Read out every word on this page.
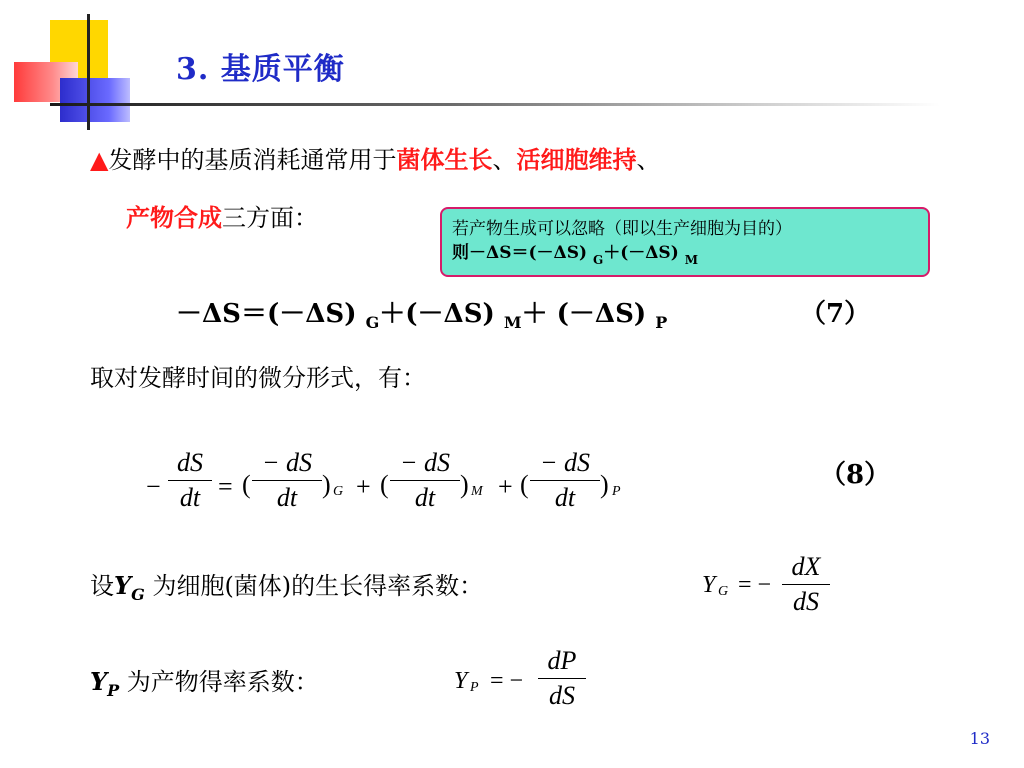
3. 基质平衡
▲发酵中的基质消耗通常用于菌体生长、活细胞维持、
产物合成三方面：	若产物生成可以忽略（即以生产细胞为目的）
则－ΔS＝(－ΔS) $_G$＋(－ΔS) $_M$
－ΔS＝(－ΔS) $_G$＋(－ΔS) $_M$＋ (－ΔS) $_P$	（7）
取对发酵时间的微分形式，有：
− $\frac{dS}{dt}$ = ( $\frac{- dS}{dt}$ ) G + ( $\frac{- dS}{dt}$ ) M + ( $\frac{- dS}{dt}$ ) P
（8）
设$Y_G$ 为细胞(菌体)的生长得率系数：	Y G = − $\frac{dX}{dS}$
$Y_P$ 为产物得率系数：	Y P = − $\frac{dP}{dS}$
13
